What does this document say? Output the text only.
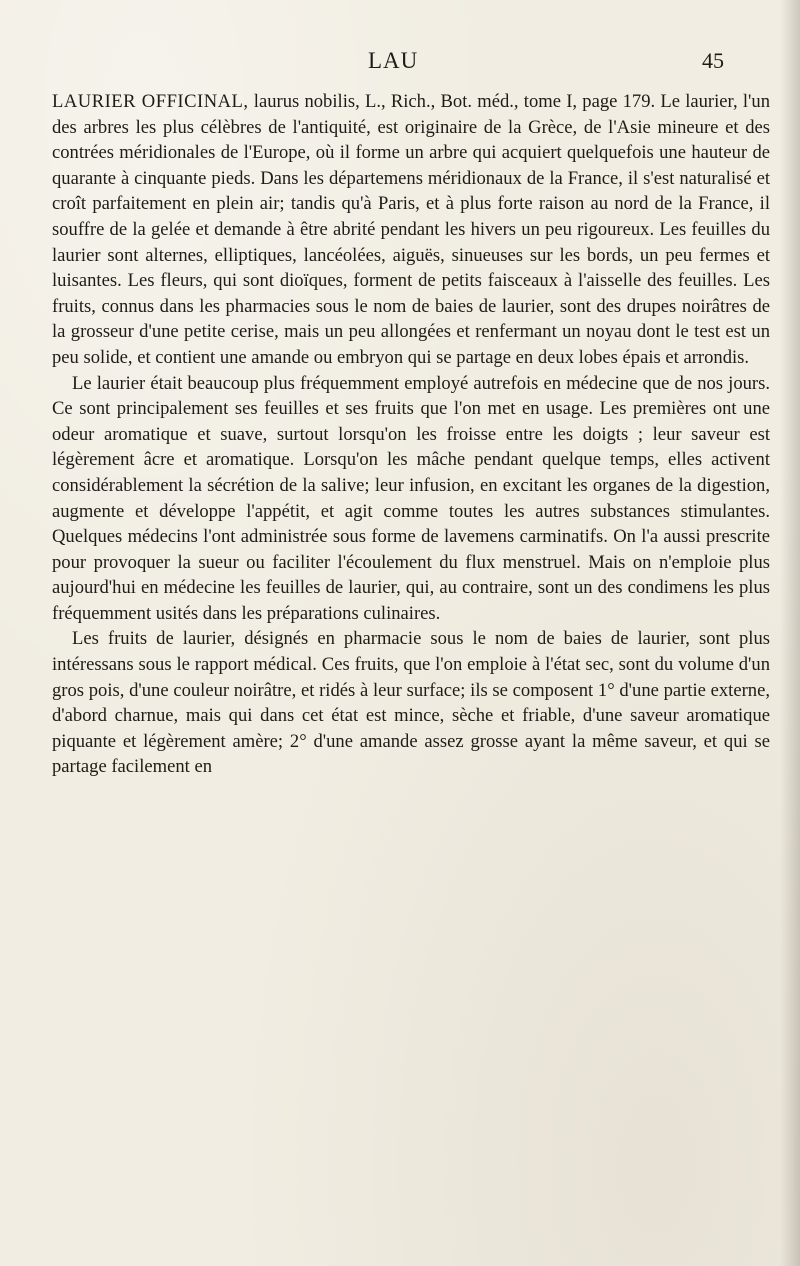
LAU	45

LAURIER OFFICINAL, laurus nobilis, L., Rich., Bot. méd., tome I, page 179. Le laurier, l'un des arbres les plus célèbres de l'antiquité, est originaire de la Grèce, de l'Asie mineure et des contrées méridionales de l'Europe, où il forme un arbre qui acquiert quelquefois une hauteur de quarante à cinquante pieds. Dans les départemens méridionaux de la France, il s'est naturalisé et croît parfaitement en plein air; tandis qu'à Paris, et à plus forte raison au nord de la France, il souffre de la gelée et demande à être abrité pendant les hivers un peu rigoureux. Les feuilles du laurier sont alternes, elliptiques, lancéolées, aiguës, sinueuses sur les bords, un peu fermes et luisantes. Les fleurs, qui sont dioïques, forment de petits faisceaux à l'aisselle des feuilles. Les fruits, connus dans les pharmacies sous le nom de baies de laurier, sont des drupes noirâtres de la grosseur d'une petite cerise, mais un peu allongées et renfermant un noyau dont le test est un peu solide, et contient une amande ou embryon qui se partage en deux lobes épais et arrondis.

Le laurier était beaucoup plus fréquemment employé autrefois en médecine que de nos jours. Ce sont principalement ses feuilles et ses fruits que l'on met en usage. Les premières ont une odeur aromatique et suave, surtout lorsqu'on les froisse entre les doigts ; leur saveur est légèrement âcre et aromatique. Lorsqu'on les mâche pendant quelque temps, elles activent considérablement la sécrétion de la salive; leur infusion, en excitant les organes de la digestion, augmente et développe l'appétit, et agit comme toutes les autres substances stimulantes. Quelques médecins l'ont administrée sous forme de lavemens carminatifs. On l'a aussi prescrite pour provoquer la sueur ou faciliter l'écoulement du flux menstruel. Mais on n'emploie plus aujourd'hui en médecine les feuilles de laurier, qui, au contraire, sont un des condimens les plus fréquemment usités dans les préparations culinaires.

Les fruits de laurier, désignés en pharmacie sous le nom de baies de laurier, sont plus intéressans sous le rapport médical. Ces fruits, que l'on emploie à l'état sec, sont du volume d'un gros pois, d'une couleur noirâtre, et ridés à leur surface; ils se composent 1° d'une partie externe, d'abord charnue, mais qui dans cet état est mince, sèche et friable, d'une saveur aromatique piquante et légèrement amère; 2° d'une amande assez grosse ayant la même saveur, et qui se partage facilement en
